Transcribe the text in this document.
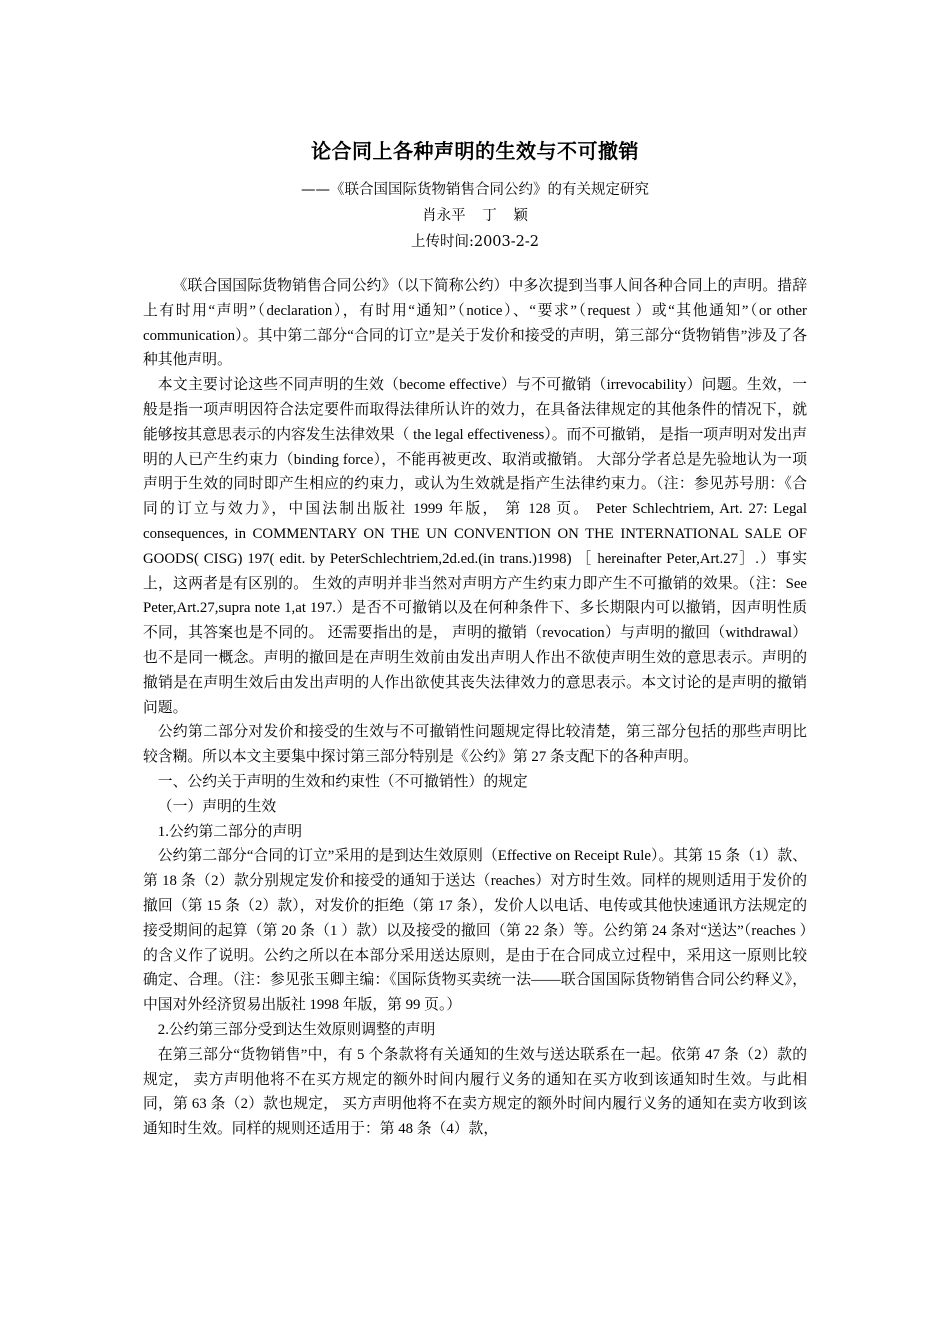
论合同上各种声明的生效与不可撤销
——《联合国国际货物销售合同公约》的有关规定研究
肖永平 丁 颖
上传时间:2003-2-2

《联合国国际货物销售合同公约》（以下简称公约）中多次提到当事人间各种合同上的声明。措辞上有时用“声明”（declaration），有时用“通知”（notice）、“要求”（request ）或“其他通知”（or other communication）。其中第二部分“合同的订立”是关于发价和接受的声明，第三部分“货物销售”涉及了各种其他声明。

本文主要讨论这些不同声明的生效（become effective）与不可撤销（irrevocability）问题。生效，一般是指一项声明因符合法定要件而取得法律所认许的效力，在具备法律规定的其他条件的情况下，就能够按其意思表示的内容发生法律效果（ the legal effectiveness）。而不可撤销， 是指一项声明对发出声明的人已产生约束力（binding force），不能再被更改、取消或撤销。 大部分学者总是先验地认为一项声明于生效的同时即产生相应的约束力，或认为生效就是指产生法律约束力。（注：参见苏号朋：《合同的订立与效力》，中国法制出版社 1999 年版， 第 128 页。 Peter Schlechtriem, Art. 27: Legal consequences, in COMMENTARY ON THE UN CONVENTION ON THE INTERNATIONAL SALE OF GOODS( CISG) 197( edit. by PeterSchlechtriem,2d.ed.(in trans.)1998) ［ hereinafter Peter,Art.27］.）事实上，这两者是有区别的。 生效的声明并非当然对声明方产生约束力即产生不可撤销的效果。（注：See Peter,Art.27,supra note 1,at 197.）是否不可撤销以及在何种条件下、多长期限内可以撤销，因声明性质不同，其答案也是不同的。 还需要指出的是， 声明的撤销（revocation）与声明的撤回（withdrawal）也不是同一概念。声明的撤回是在声明生效前由发出声明人作出不欲使声明生效的意思表示。声明的撤销是在声明生效后由发出声明的人作出欲使其丧失法律效力的意思表示。本文讨论的是声明的撤销问题。

公约第二部分对发价和接受的生效与不可撤销性问题规定得比较清楚，第三部分包括的那些声明比较含糊。所以本文主要集中探讨第三部分特别是《公约》第 27 条支配下的各种声明。

一、公约关于声明的生效和约束性（不可撤销性）的规定

（一）声明的生效

1.公约第二部分的声明

公约第二部分“合同的订立”采用的是到达生效原则（Effective on Receipt Rule）。其第 15 条（1）款、第 18 条（2）款分别规定发价和接受的通知于送达（reaches）对方时生效。同样的规则适用于发价的撤回（第 15 条（2）款），对发价的拒绝（第 17 条），发价人以电话、电传或其他快速通讯方法规定的接受期间的起算（第 20 条（1 ）款）以及接受的撤回（第 22 条）等。公约第 24 条对“送达”（reaches ）的含义作了说明。公约之所以在本部分采用送达原则，是由于在合同成立过程中，采用这一原则比较确定、合理。（注：参见张玉卿主编：《国际货物买卖统一法——联合国国际货物销售合同公约释义》，中国对外经济贸易出版社 1998 年版，第 99 页。）

2.公约第三部分受到达生效原则调整的声明

在第三部分“货物销售”中，有 5 个条款将有关通知的生效与送达联系在一起。依第 47 条（2）款的规定， 卖方声明他将不在买方规定的额外时间内履行义务的通知在买方收到该通知时生效。与此相同，第 63 条（2）款也规定， 买方声明他将不在卖方规定的额外时间内履行义务的通知在卖方收到该通知时生效。同样的规则还适用于：第 48 条（4）款，
